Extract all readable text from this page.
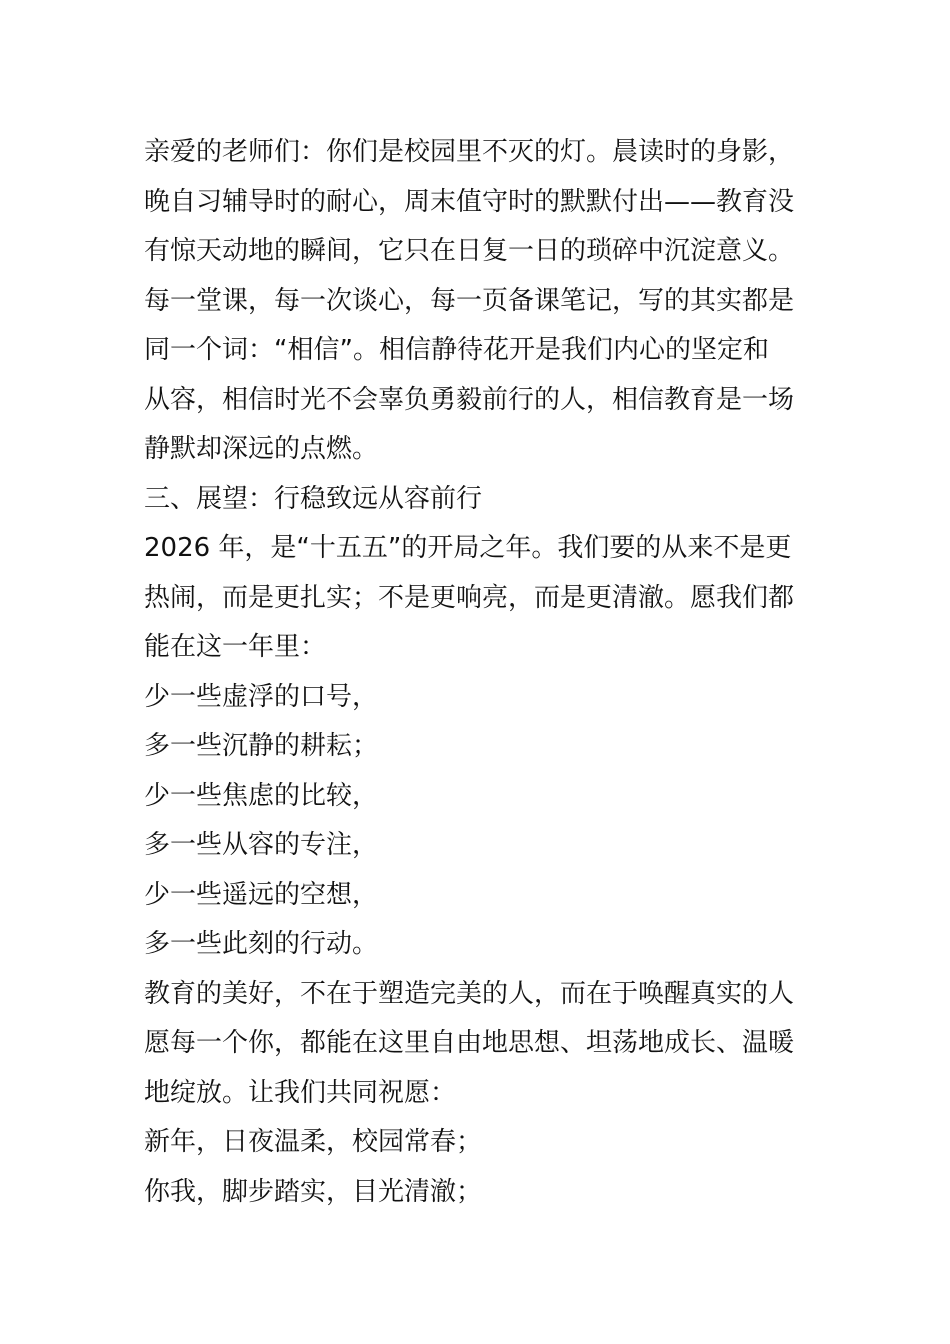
亲爱的老师们：你们是校园里不灭的灯。晨读时的身影，
晚自习辅导时的耐心，周末值守时的默默付出——教育没
有惊天动地的瞬间，它只在日复一日的琐碎中沉淀意义。
每一堂课，每一次谈心，每一页备课笔记，写的其实都是
同一个词：“相信”。相信静待花开是我们内心的坚定和
从容，相信时光不会辜负勇毅前行的人，相信教育是一场
静默却深远的点燃。
三、展望：行稳致远从容前行
2026 年，是“十五五”的开局之年。我们要的从来不是更
热闹，而是更扎实；不是更响亮，而是更清澈。愿我们都
能在这一年里：
少一些虚浮的口号，
多一些沉静的耕耘；
少一些焦虑的比较，
多一些从容的专注，
少一些遥远的空想，
多一些此刻的行动。
教育的美好，不在于塑造完美的人，而在于唤醒真实的人
愿每一个你，都能在这里自由地思想、坦荡地成长、温暖
地绽放。让我们共同祝愿：
新年，日夜温柔，校园常春；
你我，脚步踏实，目光清澈；
